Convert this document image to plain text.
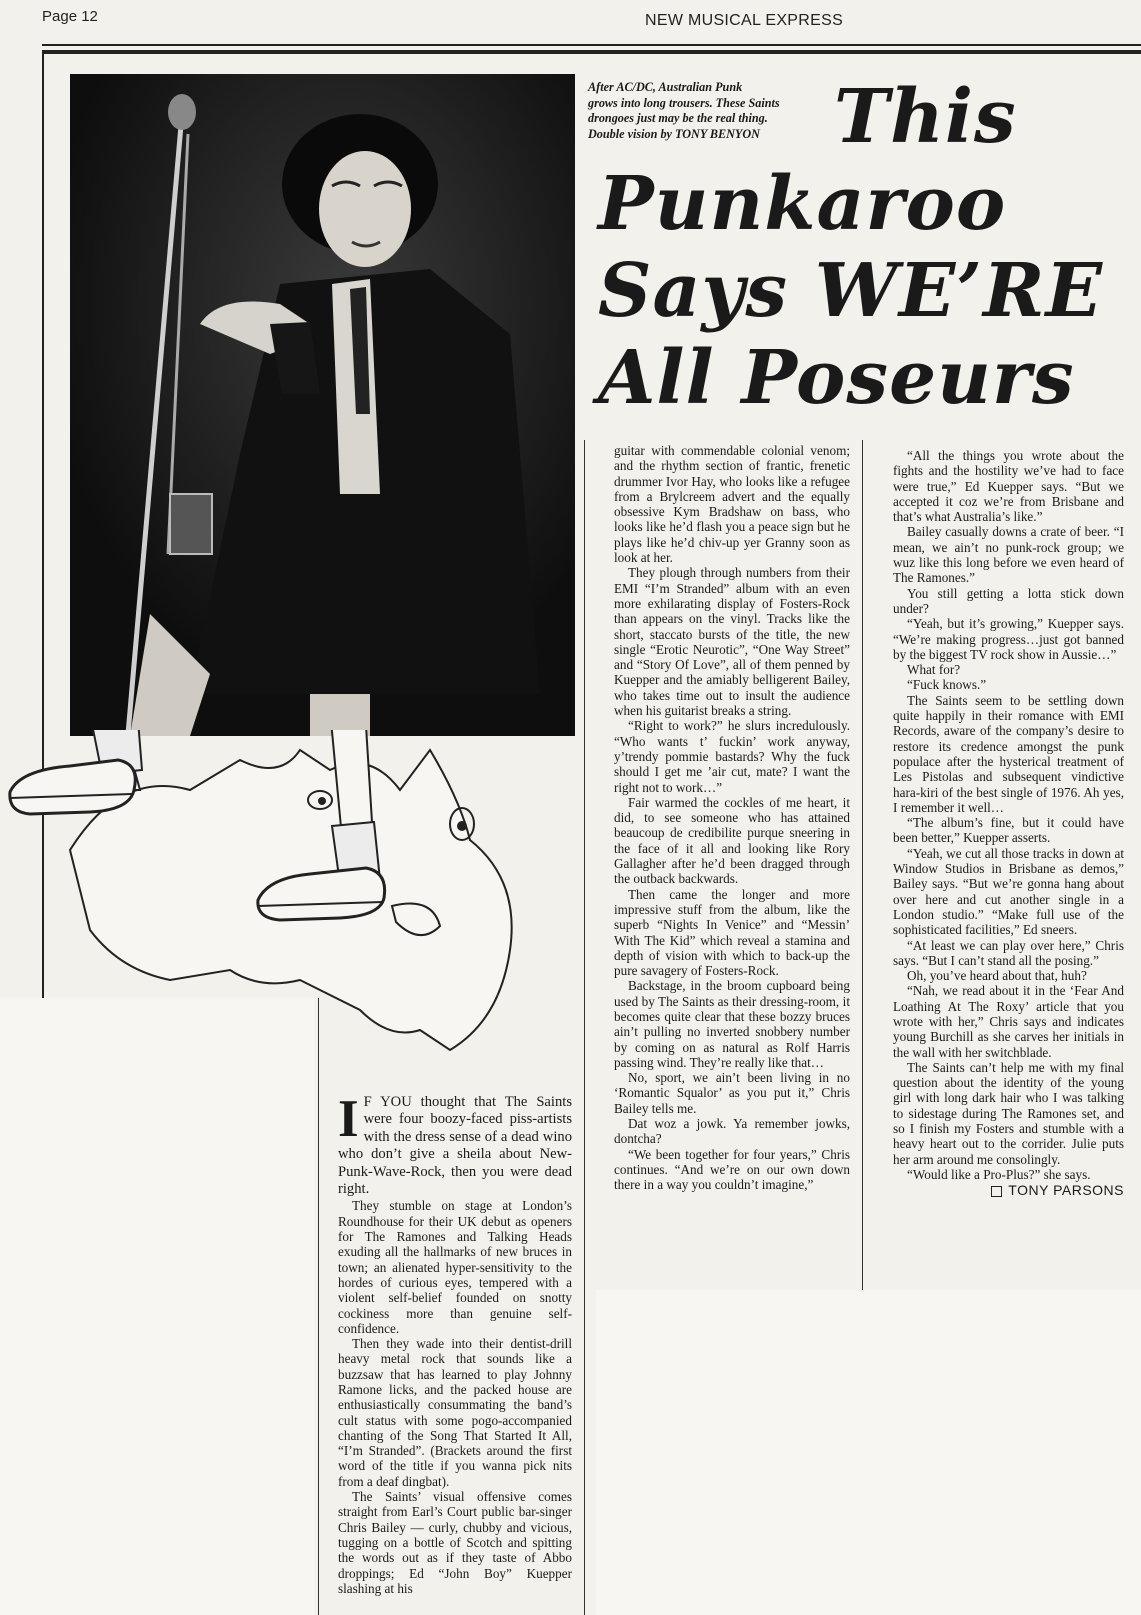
Page 12	NEW MUSICAL EXPRESS
After AC/DC, Australian Punk
grows into long trousers. These Saints
drongoes just may be the real thing.
Double vision by TONY BENYON	This
Punkaroo
Says WE’RE
All Poseurs

I F YOU thought that The Saints were four boozy-faced piss-artists with the dress sense of a dead wino who don’t give a sheila about New-Punk-Wave-Rock, then you were dead right.

They stumble on stage at London’s Roundhouse for their UK debut as openers for The Ramones and Talking Heads exuding all the hallmarks of new bruces in town; an alienated hyper-sensitivity to the hordes of curious eyes, tempered with a violent self-belief founded on snotty cockiness more than genuine self-confidence.

Then they wade into their dentist-drill heavy metal rock that sounds like a buzzsaw that has learned to play Johnny Ramone licks, and the packed house are enthusiastically consummating the band’s cult status with some pogo-accompanied chanting of the Song That Started It All, “I’m Stranded”. (Brackets around the first word of the title if you wanna pick nits from a deaf dingbat).

The Saints’ visual offensive comes straight from Earl’s Court public bar-singer Chris Bailey — curly, chubby and vicious, tugging on a bottle of Scotch and spitting the words out as if they taste of Abbo droppings; Ed “John Boy” Kuepper slashing at his

guitar with commendable colonial venom; and the rhythm section of frantic, frenetic drummer Ivor Hay, who looks like a refugee from a Brylcreem advert and the equally obsessive Kym Bradshaw on bass, who looks like he’d flash you a peace sign but he plays like he’d chiv-up yer Granny soon as look at her.

They plough through numbers from their EMI “I’m Stranded” album with an even more exhilarating display of Fosters-Rock than appears on the vinyl. Tracks like the short, staccato bursts of the title, the new single “Erotic Neurotic”, “One Way Street” and “Story Of Love”, all of them penned by Kuepper and the amiably belligerent Bailey, who takes time out to insult the audience when his guitarist breaks a string.

“Right to work?” he slurs incredulously. “Who wants t’ fuckin’ work anyway, y’trendy pommie bastards? Why the fuck should I get me ’air cut, mate? I want the right not to work…”

Fair warmed the cockles of me heart, it did, to see someone who has attained beaucoup de credibilite purque sneering in the face of it all and looking like Rory Gallagher after he’d been dragged through the outback backwards.

Then came the longer and more impressive stuff from the album, like the superb “Nights In Venice” and “Messin’ With The Kid” which reveal a stamina and depth of vision with which to back-up the pure savagery of Fosters-Rock.

Backstage, in the broom cupboard being used by The Saints as their dressing-room, it becomes quite clear that these bozzy bruces ain’t pulling no inverted snobbery number by coming on as natural as Rolf Harris passing wind. They’re really like that…

No, sport, we ain’t been living in no ‘Romantic Squalor’ as you put it,” Chris Bailey tells me.

Dat woz a jowk. Ya remember jowks, dontcha?

“We been together for four years,” Chris continues. “And we’re on our own down there in a way you couldn’t imagine,”

“All the things you wrote about the fights and the hostility we’ve had to face were true,” Ed Kuepper says. “But we accepted it coz we’re from Brisbane and that’s what Australia’s like.”

Bailey casually downs a crate of beer. “I mean, we ain’t no punk-rock group; we wuz like this long before we even heard of The Ramones.”

You still getting a lotta stick down under?

“Yeah, but it’s growing,” Kuepper says. “We’re making progress…just got banned by the biggest TV rock show in Aussie…”

What for?

“Fuck knows.”

The Saints seem to be settling down quite happily in their romance with EMI Records, aware of the company’s desire to restore its credence amongst the punk populace after the hysterical treatment of Les Pistolas and subsequent vindictive hara-kiri of the best single of 1976. Ah yes, I remember it well…

“The album’s fine, but it could have been better,” Kuepper asserts.

“Yeah, we cut all those tracks in down at Window Studios in Brisbane as demos,” Bailey says. “But we’re gonna hang about over here and cut another single in a London studio.” “Make full use of the sophisticated facilities,” Ed sneers.

“At least we can play over here,” Chris says. “But I can’t stand all the posing.”

Oh, you’ve heard about that, huh?

“Nah, we read about it in the ‘Fear And Loathing At The Roxy’ article that you wrote with her,” Chris says and indicates young Burchill as she carves her initials in the wall with her switchblade.

The Saints can’t help me with my final question about the identity of the young girl with long dark hair who I was talking to sidestage during The Ramones set, and so I finish my Fosters and stumble with a heavy heart out to the corrider. Julie puts her arm around me consolingly.

“Would like a Pro-Plus?” she says.

TONY PARSONS
